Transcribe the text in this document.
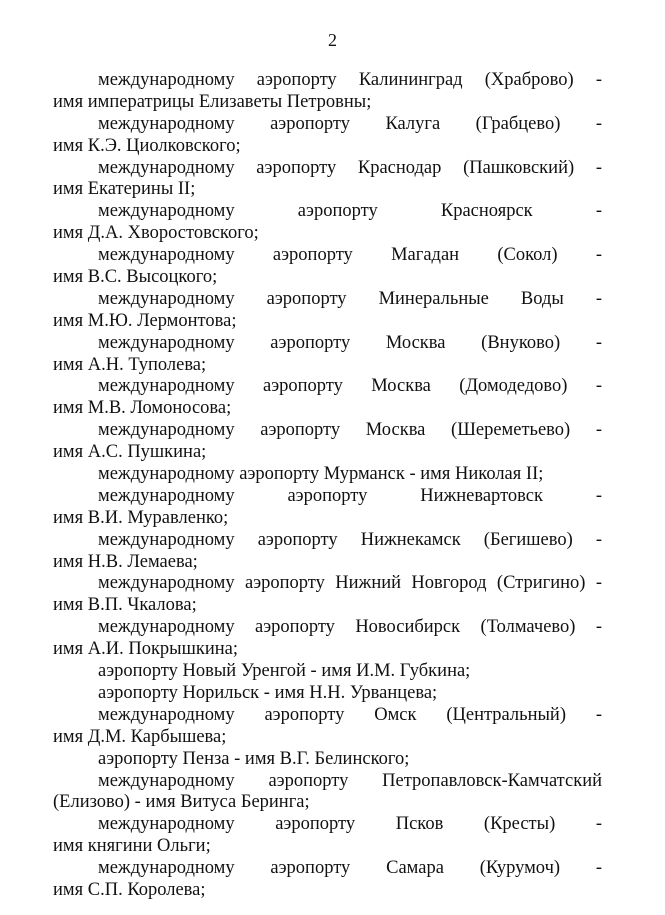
2
международному аэропорту Калининград (Храброво) -
имя императрицы Елизаветы Петровны;
международному аэропорту Калуга (Грабцево) -
имя К.Э. Циолковского;
международному аэропорту Краснодар (Пашковский) -
имя Екатерины II;
международному аэропорту Красноярск -
имя Д.А. Хворостовского;
международному аэропорту Магадан (Сокол) -
имя В.С. Высоцкого;
международному аэропорту Минеральные Воды -
имя М.Ю. Лермонтова;
международному аэропорту Москва (Внуково) -
имя А.Н. Туполева;
международному аэропорту Москва (Домодедово) -
имя М.В. Ломоносова;
международному аэропорту Москва (Шереметьево) -
имя А.С. Пушкина;
международному аэропорту Мурманск - имя Николая II;
международному аэропорту Нижневартовск -
имя В.И. Муравленко;
международному аэропорту Нижнекамск (Бегишево) -
имя Н.В. Лемаева;
международному аэропорту Нижний Новгород (Стригино) -
имя В.П. Чкалова;
международному аэропорту Новосибирск (Толмачево) -
имя А.И. Покрышкина;
аэропорту Новый Уренгой - имя И.М. Губкина;
аэропорту Норильск - имя Н.Н. Урванцева;
международному аэропорту Омск (Центральный) -
имя Д.М. Карбышева;
аэропорту Пенза - имя В.Г. Белинского;
международному аэропорту Петропавловск-Камчатский
(Елизово) - имя Витуса Беринга;
международному аэропорту Псков (Кресты) -
имя княгини Ольги;
международному аэропорту Самара (Курумоч) -
имя С.П. Королева;
